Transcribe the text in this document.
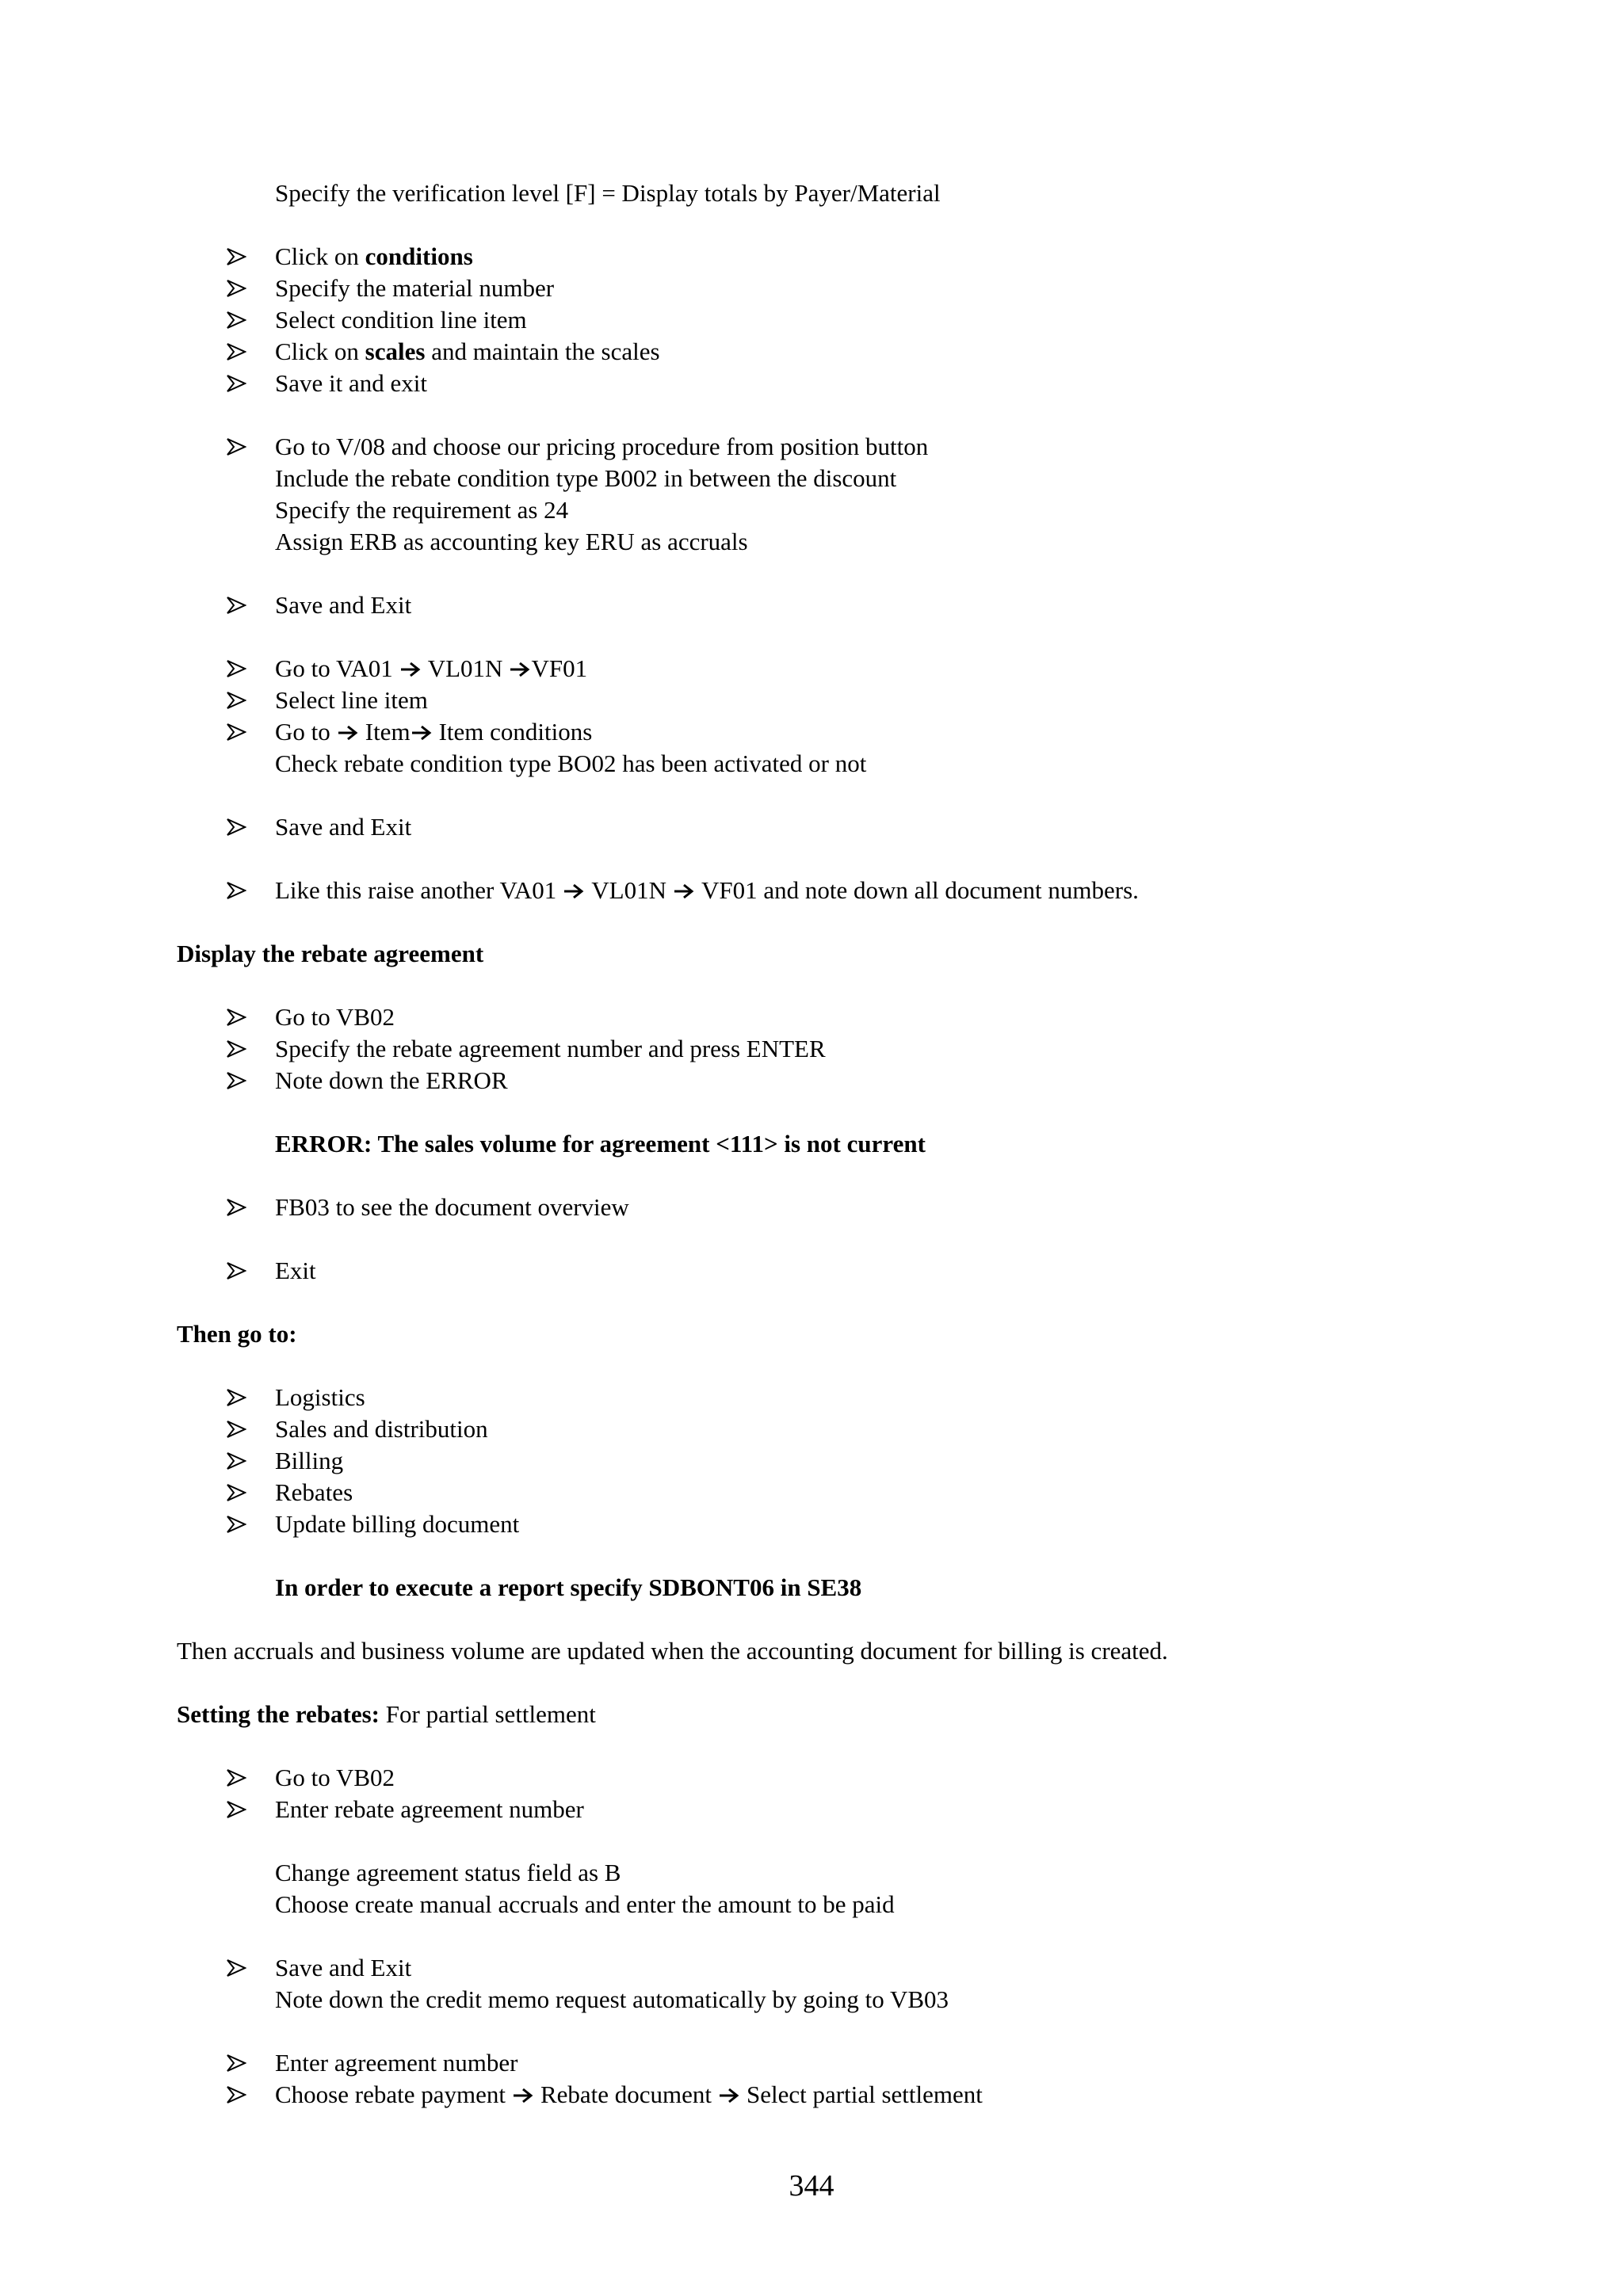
Specify the verification level [F] = Display totals by Payer/Material
Click on conditions
Specify the material number
Select condition line item
Click on scales and maintain the scales
Save it and exit
Go to V/08 and choose our pricing procedure from position button
Include the rebate condition type B002 in between the discount
Specify the requirement as 24
Assign ERB as accounting key ERU as accruals
Save and Exit
Go to VA01 VL01N VF01
Select line item
Go to Item Item conditions
Check rebate condition type BO02 has been activated or not
Save and Exit
Like this raise another VA01 VL01N VF01 and note down all document numbers.
Display the rebate agreement
Go to VB02
Specify the rebate agreement number and press ENTER
Note down the ERROR
ERROR: The sales volume for agreement <111> is not current
FB03 to see the document overview
Exit
Then go to:
Logistics
Sales and distribution
Billing
Rebates
Update billing document
In order to execute a report specify SDBONT06 in SE38
Then accruals and business volume are updated when the accounting document for billing is created.
Setting the rebates: For partial settlement
Go to VB02
Enter rebate agreement number
Change agreement status field as B
Choose create manual accruals and enter the amount to be paid
Save and Exit
Note down the credit memo request automatically by going to VB03
Enter agreement number
Choose rebate payment Rebate document Select partial settlement
344
